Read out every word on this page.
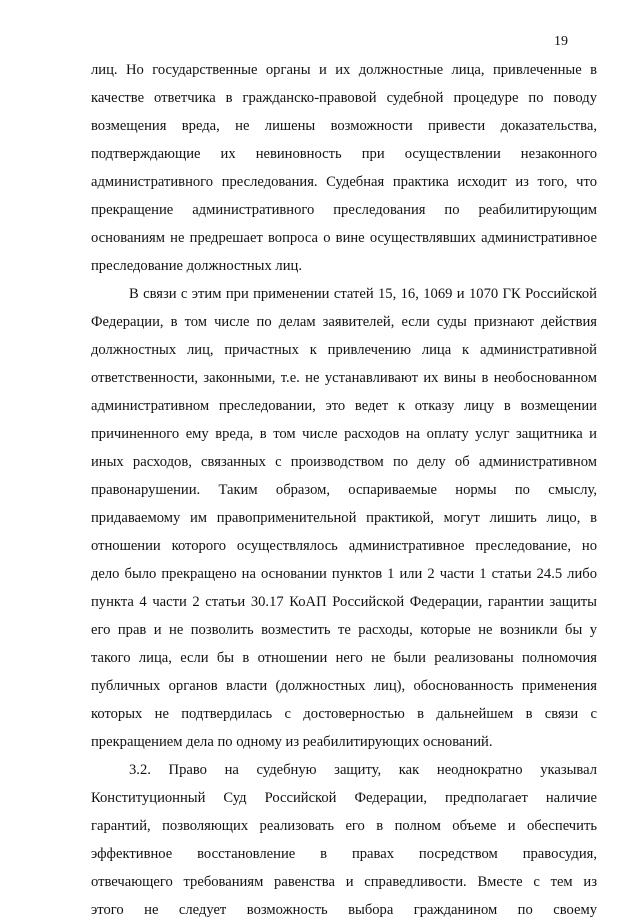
19
лиц. Но государственные органы и их должностные лица, привлеченные в
качестве ответчика в гражданско-правовой судебной процедуре по поводу
возмещения вреда, не лишены возможности привести доказательства,
подтверждающие их невиновность при осуществлении незаконного
административного преследования. Судебная практика исходит из того, что
прекращение административного преследования по реабилитирующим
основаниям не предрешает вопроса о вине осуществлявших административное
преследование должностных лиц.
В связи с этим при применении статей 15, 16, 1069 и 1070 ГК Российской
Федерации, в том числе по делам заявителей, если суды признают действия
должностных лиц, причастных к привлечению лица к административной
ответственности, законными, т.е. не устанавливают их вины в необоснованном
административном преследовании, это ведет к отказу лицу в возмещении
причиненного ему вреда, в том числе расходов на оплату услуг защитника и
иных расходов, связанных с производством по делу об административном
правонарушении. Таким образом, оспариваемые нормы по смыслу,
придаваемому им правоприменительной практикой, могут лишить лицо, в
отношении которого осуществлялось административное преследование, но
дело было прекращено на основании пунктов 1 или 2 части 1 статьи 24.5 либо
пункта 4 части 2 статьи 30.17 КоАП Российской Федерации, гарантии защиты
его прав и не позволить возместить те расходы, которые не возникли бы у
такого лица, если бы в отношении него не были реализованы полномочия
публичных органов власти (должностных лиц), обоснованность применения
которых не подтвердилась с достоверностью в дальнейшем в связи с
прекращением дела по одному из реабилитирующих оснований.
3.2. Право на судебную защиту, как неоднократно указывал
Конституционный Суд Российской Федерации, предполагает наличие
гарантий, позволяющих реализовать его в полном объеме и обеспечить
эффективное восстановление в правах посредством правосудия,
отвечающего требованиям равенства и справедливости. Вместе с тем из
этого не следует возможность выбора гражданином по своему
